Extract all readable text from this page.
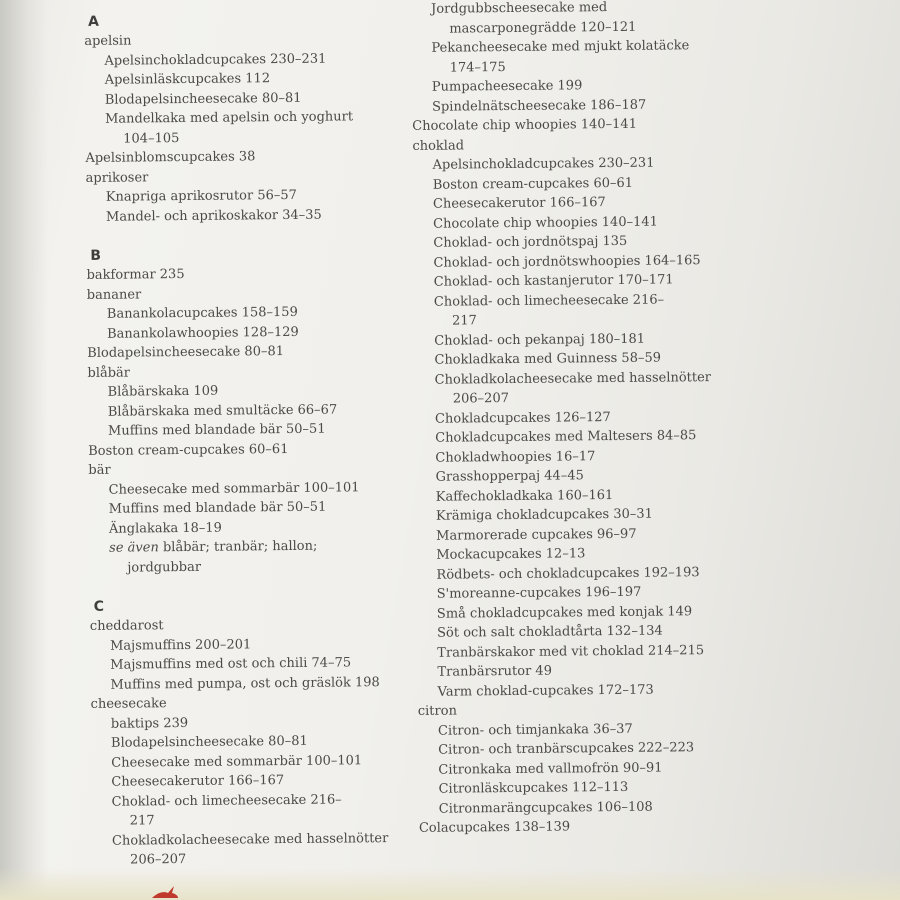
A
apelsin
Apelsinchokladcupcakes 230–231
Apelsinläskcupcakes 112
Blodapelsincheesecake 80–81
Mandelkaka med apelsin och yoghurt
104–105
Apelsinblomscupcakes 38
aprikoser
Knapriga aprikosrutor 56–57
Mandel- och aprikoskakor 34–35
B
bakformar 235
bananer
Banankolacupcakes 158–159
Banankolawhoopies 128–129
Blodapelsincheesecake 80–81
blåbär
Blåbärskaka 109
Blåbärskaka med smultäcke 66–67
Muffins med blandade bär 50–51
Boston cream-cupcakes 60–61
bär
Cheesecake med sommarbär 100–101
Muffins med blandade bär 50–51
Änglakaka 18–19
se även blåbär; tranbär; hallon;
jordgubbar
C
cheddarost
Majsmuffins 200–201
Majsmuffins med ost och chili 74–75
Muffins med pumpa, ost och gräslök 198
cheesecake
baktips 239
Blodapelsincheesecake 80–81
Cheesecake med sommarbär 100–101
Cheesecakerutor 166–167
Choklad- och limecheesecake 216–
217
Chokladkolacheesecake med hasselnötter
206–207
Jordgubbscheesecake med
mascarponegrädde 120–121
Pekancheesecake med mjukt kolatäcke
174–175
Pumpacheesecake 199
Spindelnätscheesecake 186–187
Chocolate chip whoopies 140–141
choklad
Apelsinchokladcupcakes 230–231
Boston cream-cupcakes 60–61
Cheesecakerutor 166–167
Chocolate chip whoopies 140–141
Choklad- och jordnötspaj 135
Choklad- och jordnötswhoopies 164–165
Choklad- och kastanjerutor 170–171
Choklad- och limecheesecake 216–
217
Choklad- och pekanpaj 180–181
Chokladkaka med Guinness 58–59
Chokladkolacheesecake med hasselnötter
206–207
Chokladcupcakes 126–127
Chokladcupcakes med Maltesers 84–85
Chokladwhoopies 16–17
Grasshopperpaj 44–45
Kaffechokladkaka 160–161
Krämiga chokladcupcakes 30–31
Marmorerade cupcakes 96–97
Mockacupcakes 12–13
Rödbets- och chokladcupcakes 192–193
S'moreanne-cupcakes 196–197
Små chokladcupcakes med konjak 149
Söt och salt chokladtårta 132–134
Tranbärskakor med vit choklad 214–215
Tranbärsrutor 49
Varm choklad-cupcakes 172–173
citron
Citron- och timjankaka 36–37
Citron- och tranbärscupcakes 222–223
Citronkaka med vallmofrön 90–91
Citronläskcupcakes 112–113
Citronmarängcupcakes 106–108
Colacupcakes 138–139
